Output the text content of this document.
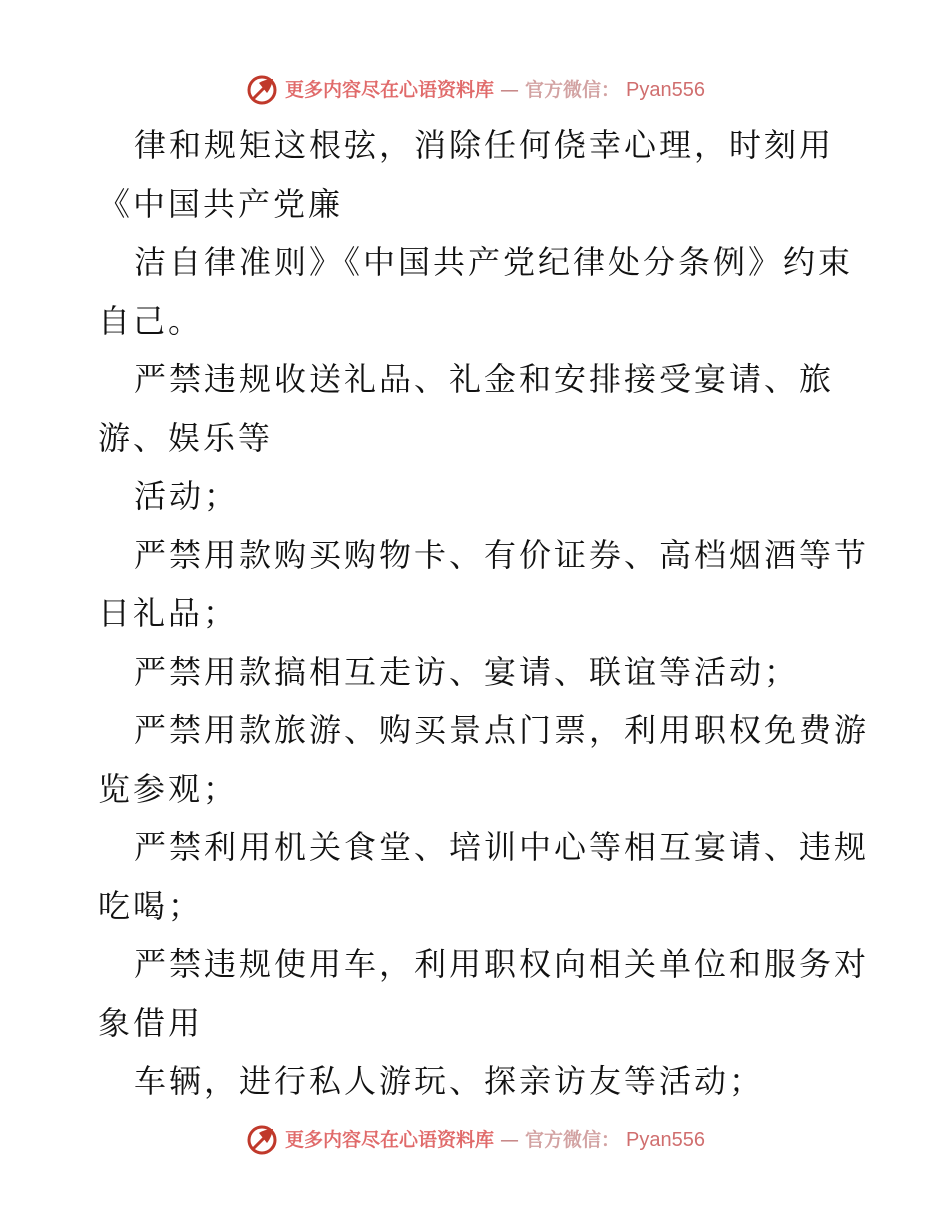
更多内容尽在心语资料库 — 官方微信： Pyan556
律和规矩这根弦，消除任何侥幸心理，时刻用
《中国共产党廉
洁自律准则》《中国共产党纪律处分条例》约束
自己。
严禁违规收送礼品、礼金和安排接受宴请、旅
游、娱乐等
活动；
严禁用款购买购物卡、有价证券、高档烟酒等节
日礼品；
严禁用款搞相互走访、宴请、联谊等活动；
严禁用款旅游、购买景点门票，利用职权免费游
览参观；
严禁利用机关食堂、培训中心等相互宴请、违规
吃喝；
严禁违规使用车，利用职权向相关单位和服务对
象借用
车辆，进行私人游玩、探亲访友等活动；
更多内容尽在心语资料库 — 官方微信： Pyan556
